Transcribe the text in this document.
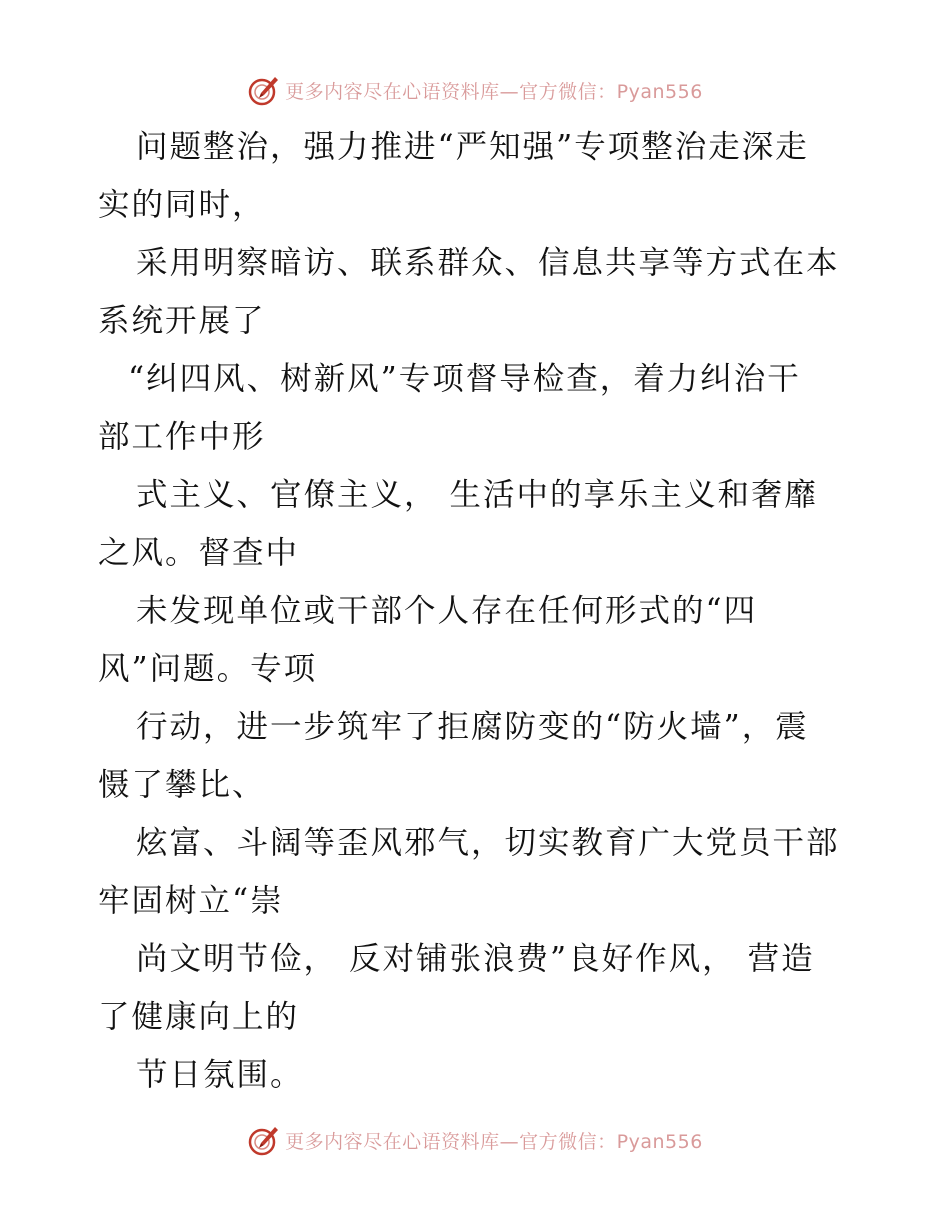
更多内容尽在心语资料库—官方微信：Pyan556
问题整治，强力推进“严知强”专项整治走深走
实的同时，
采用明察暗访、联系群众、信息共享等方式在本
系统开展了
“纠四风、树新风”专项督导检查，着力纠治干
部工作中形
式主义、官僚主义， 生活中的享乐主义和奢靡
之风。督查中
未发现单位或干部个人存在任何形式的“四
风”问题。专项
行动，进一步筑牢了拒腐防变的“防火墙”，震
慑了攀比、
炫富、斗阔等歪风邪气，切实教育广大党员干部
牢固树立“崇
尚文明节俭， 反对铺张浪费”良好作风， 营造
了健康向上的
节日氛围。
更多内容尽在心语资料库—官方微信：Pyan556
